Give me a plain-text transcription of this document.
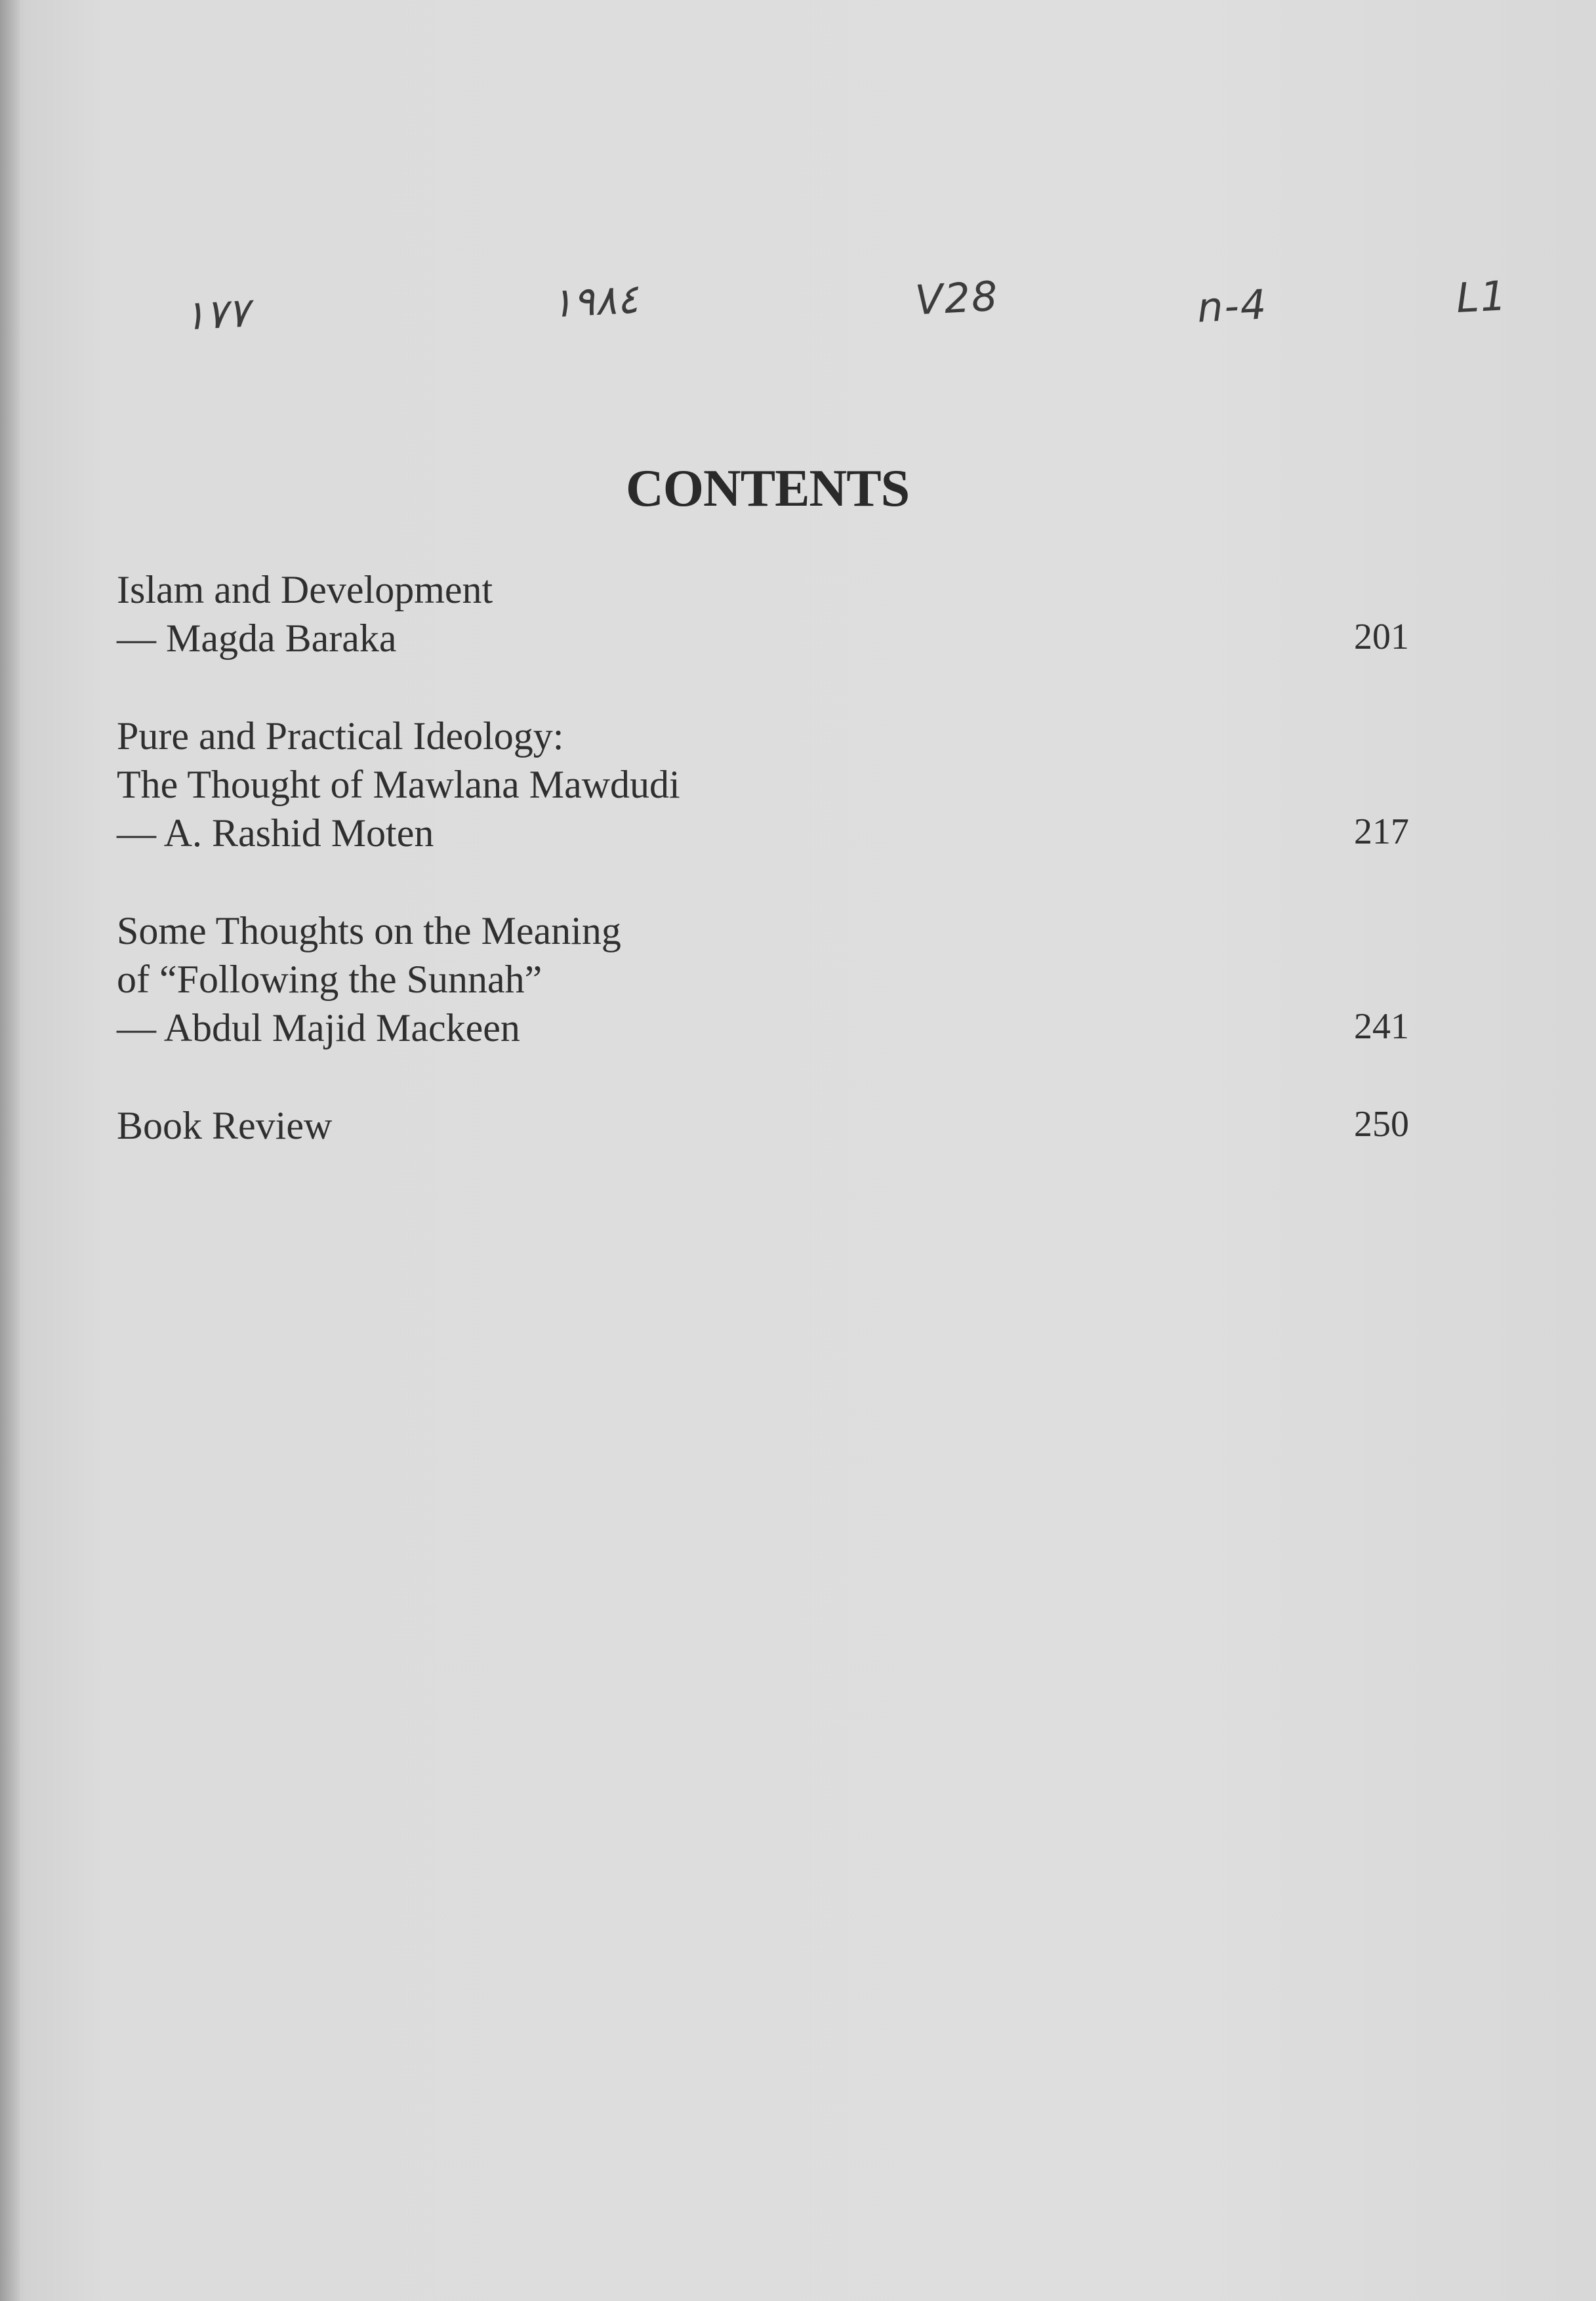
١٧٧	١٩٨٤	V28	n-4	L1
CONTENTS
Islam and Development
— Magda Baraka	201
Pure and Practical Ideology:
The Thought of Mawlana Mawdudi
— A. Rashid Moten	217
Some Thoughts on the Meaning
of “Following the Sunnah”
— Abdul Majid Mackeen	241
Book Review	250
